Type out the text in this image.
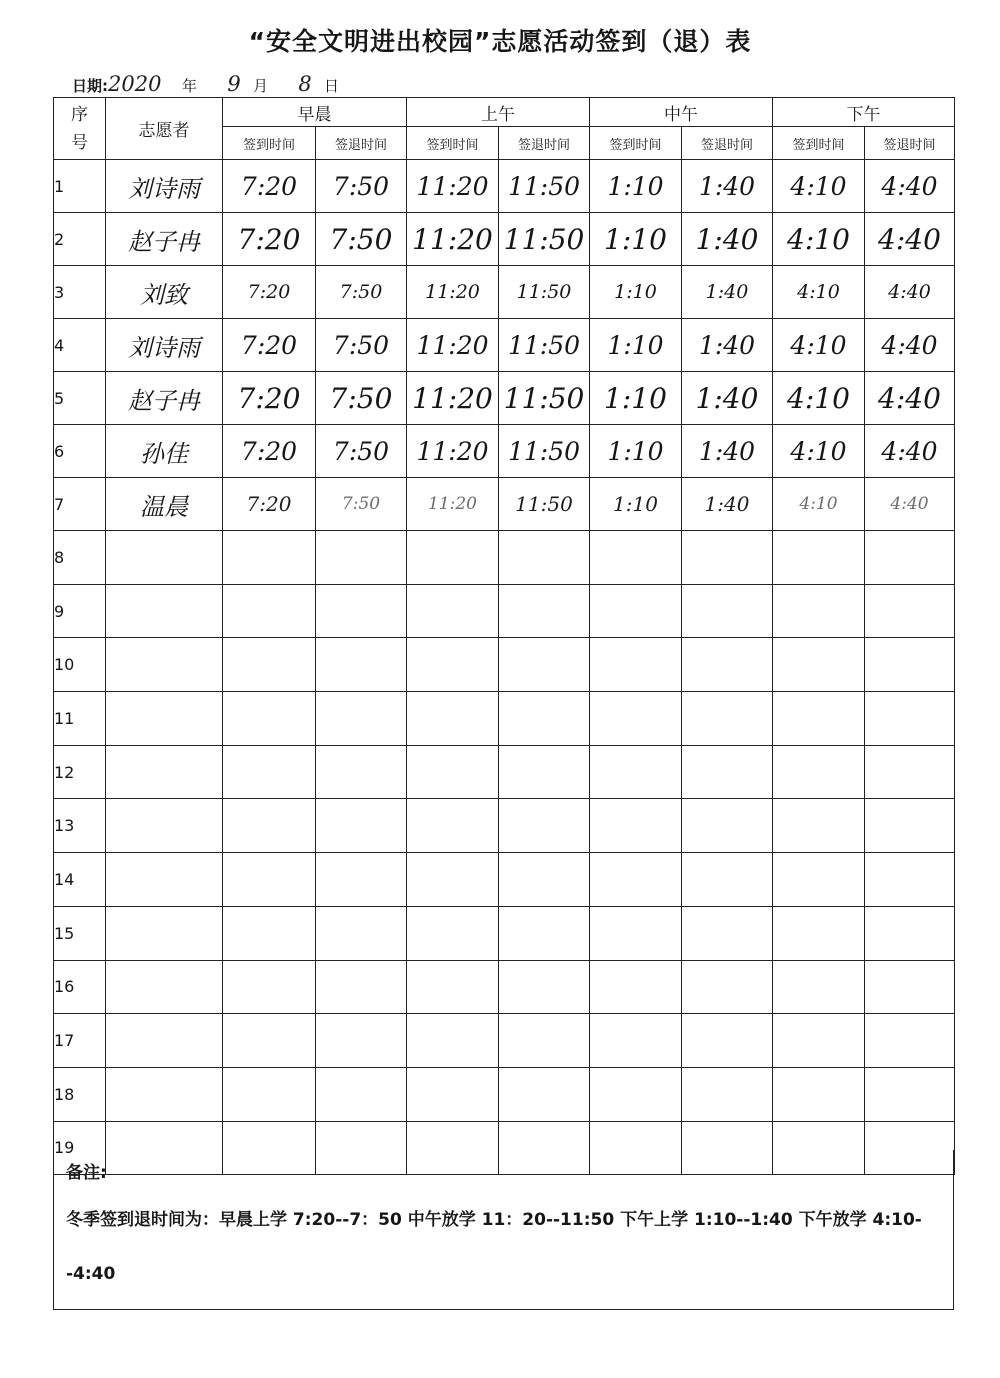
“安全文明进出校园”志愿活动签到（退）表
日期: 2020	年	9 月	8 日
序号	志愿者	早晨		上午		中午		下午	
		签到时间	签退时间	签到时间	签退时间	签到时间	签退时间	签到时间	签退时间
1	刘诗雨	7:20	7:50	11:20	11:50	1:10	1:40	4:10	4:40
2	赵子冉	7:20	7:50	11:20	11:50	1:10	1:40	4:10	4:40
3	刘致	7:20	7:50	11:20	11:50	1:10	1:40	4:10	4:40
4	刘诗雨	7:20	7:50	11:20	11:50	1:10	1:40	4:10	4:40
5	赵子冉	7:20	7:50	11:20	11:50	1:10	1:40	4:10	4:40
6	孙佳	7:20	7:50	11:20	11:50	1:10	1:40	4:10	4:40
7	温晨	7:20	7:50	11:20	11:50	1:10	1:40	4:10	4:40
8									
9									
10									
11									
12									
13									
14									
15									
16									
17									
18									
19									
备注:
冬季签到退时间为：早晨上学 7:20--7：50 中午放学 11：20--11:50 下午上学 1:10--1:40 下午放学 4:10--4:40
